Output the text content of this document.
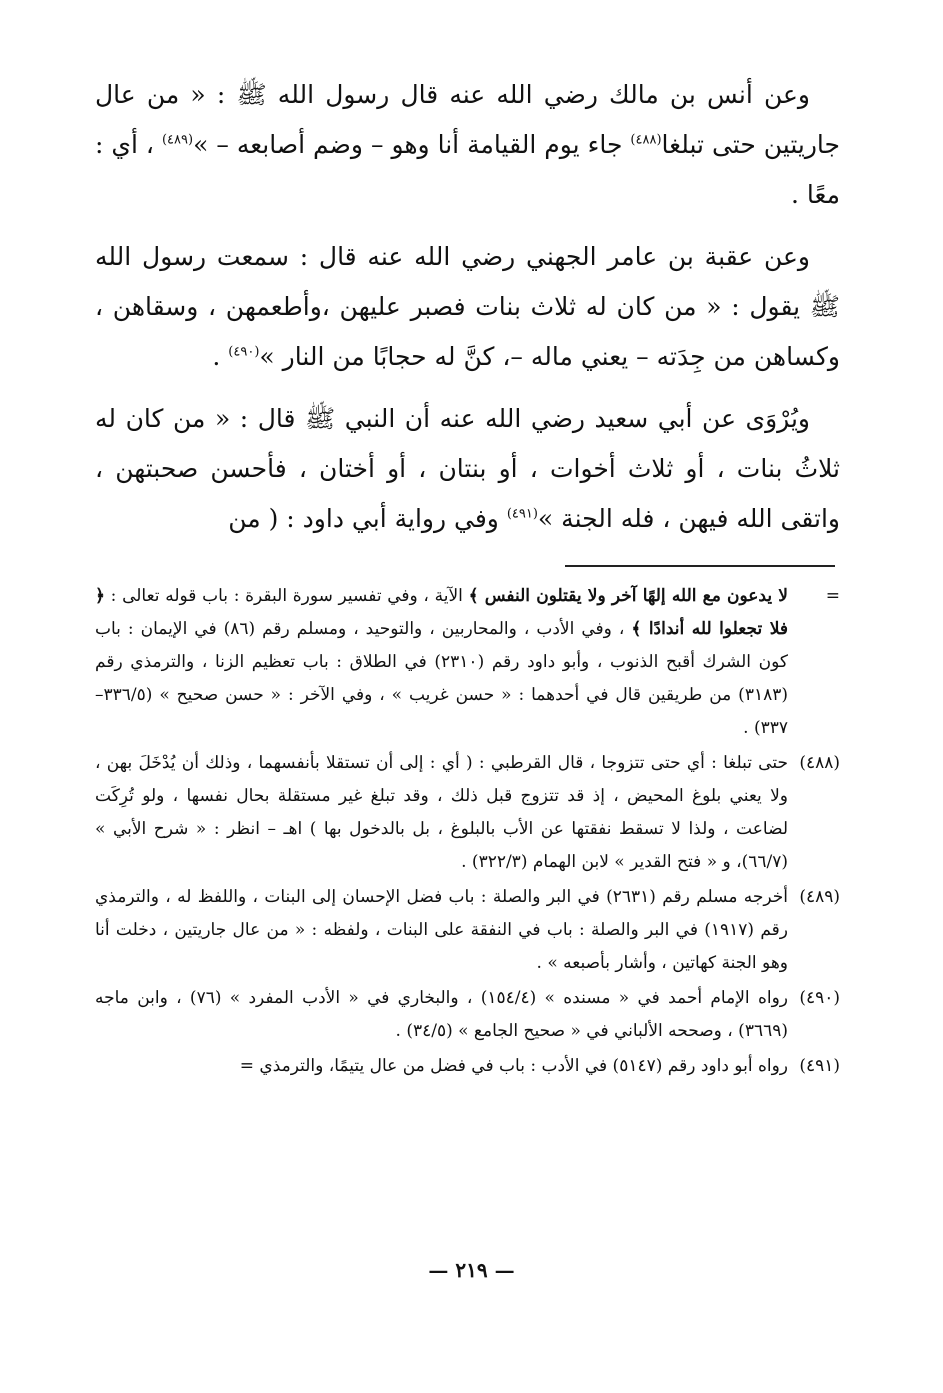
وعن أنس بن مالك رضي الله عنه قال رسول الله ﷺ : « من عال جاريتين حتى تبلغا$^{(٤٨٨)}$ جاء يوم القيامة أنا وهو – وضم أصابعه – »$^{(٤٨٩)}$ ، أي : معًا .

وعن عقبة بن عامر الجهني رضي الله عنه قال : سمعت رسول الله ﷺ يقول : « من كان له ثلاث بنات فصبر عليهن ،وأطعمهن ، وسقاهن ، وكساهن من جِدَته – يعني ماله –، كنَّ له حجابًا من النار »$^{(٤٩٠)}$ .

ويُرْوَى عن أبي سعيد رضي الله عنه أن النبي ﷺ قال : « من كان له ثلاثُ بنات ، أو ثلاث أخوات ، أو بنتان ، أو أختان ، فأحسن صحبتهن ، واتقى الله فيهن ، فله الجنة »$^{(٤٩١)}$ وفي رواية أبي داود : ( من

=
لا يدعون مع الله إلهًا آخر ولا يقتلون النفس ﴾ الآية ، وفي تفسير سورة البقرة : باب قوله تعالى : ﴿ فلا تجعلوا لله أندادًا ﴾ ، وفي الأدب ، والمحاربين ، والتوحيد ، ومسلم رقم (٨٦) في الإيمان : باب كون الشرك أقبح الذنوب ، وأبو داود رقم (٢٣١٠) في الطلاق : باب تعظيم الزنا ، والترمذي رقم (٣١٨٣) من طريقين قال في أحدهما : « حسن غريب » ، وفي الآخر : « حسن صحيح » (٣٣٦/٥–٣٣٧) .
(٤٨٨)
حتى تبلغا : أي حتى تتزوجا ، قال القرطبي : ( أي : إلى أن تستقلا بأنفسهما ، وذلك أن يُدْخَلَ بهن ، ولا يعني بلوغ المحيض ، إذ قد تتزوج قبل ذلك ، وقد تبلغ غير مستقلة بحال نفسها ، ولو تُرِكَت لضاعت ، ولذا لا تسقط نفقتها عن الأب بالبلوغ ، بل بالدخول بها ) اهـ – انظر : « شرح الأبي » (٦٦/٧)، و « فتح القدير » لابن الهمام (٣٢٢/٣) .
(٤٨٩)
أخرجه مسلم رقم (٢٦٣١) في البر والصلة : باب فضل الإحسان إلى البنات ، واللفظ له ، والترمذي رقم (١٩١٧) في البر والصلة : باب في النفقة على البنات ، ولفظه : « من عال جاريتين ، دخلت أنا وهو الجنة كهاتين ، وأشار بأصبعه » .
(٤٩٠)
رواه الإمام أحمد في « مسنده » (١٥٤/٤) ، والبخاري في « الأدب المفرد » (٧٦) ، وابن ماجه (٣٦٦٩) ، وصححه الألباني في « صحيح الجامع » (٣٤/٥) .
(٤٩١)
رواه أبو داود رقم (٥١٤٧) في الأدب : باب في فضل من عال يتيمًا، والترمذي =
— ٢١٩ —
